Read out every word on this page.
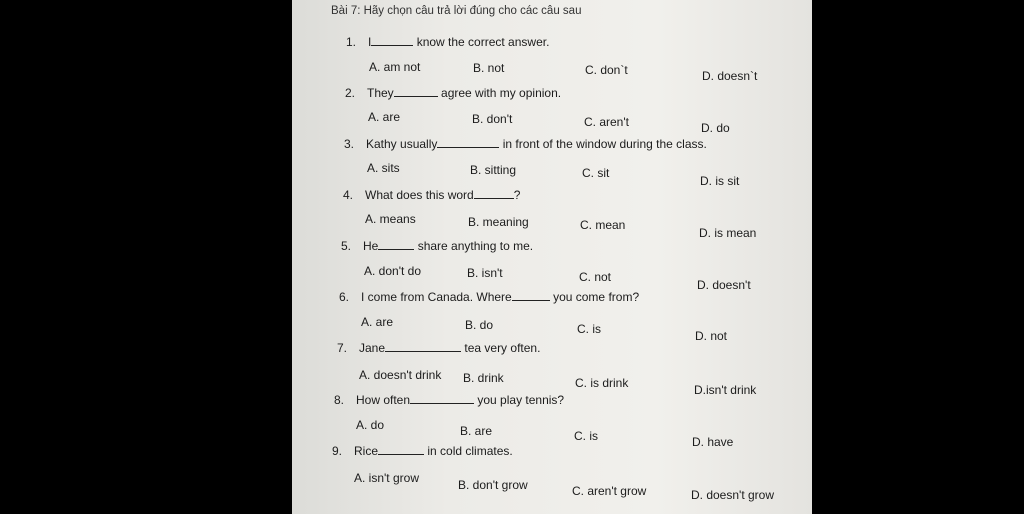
Bài 7: Hãy chọn câu trả lời đúng cho các câu sau
1. I	know the correct answer.
A. am not	B. not	C. don`t	D. doesn`t
2. They	agree with my opinion.
A. are	B. don't	C. aren't	D. do
3. Kathy usually	in front of the window during the class.
A. sits	B. sitting	C. sit
D. is sit
4. What does this word	?
A. means	B. meaning	C. mean
D. is mean
5. He	share anything to me.
A. don't do	B. isn't	C. not
D. doesn't
6. I come from Canada. Where	you come from?
A. are	B. do	C. is	D. not
7. Jane	tea very often.
A. doesn't drink B. drink	C. is drink	D.isn't drink
8. How often	you play tennis?
A. do	B. are	C. is	D. have
9. Rice	in cold climates.
A. isn't grow	B. don't grow	C. aren't grow	D. doesn't grow
